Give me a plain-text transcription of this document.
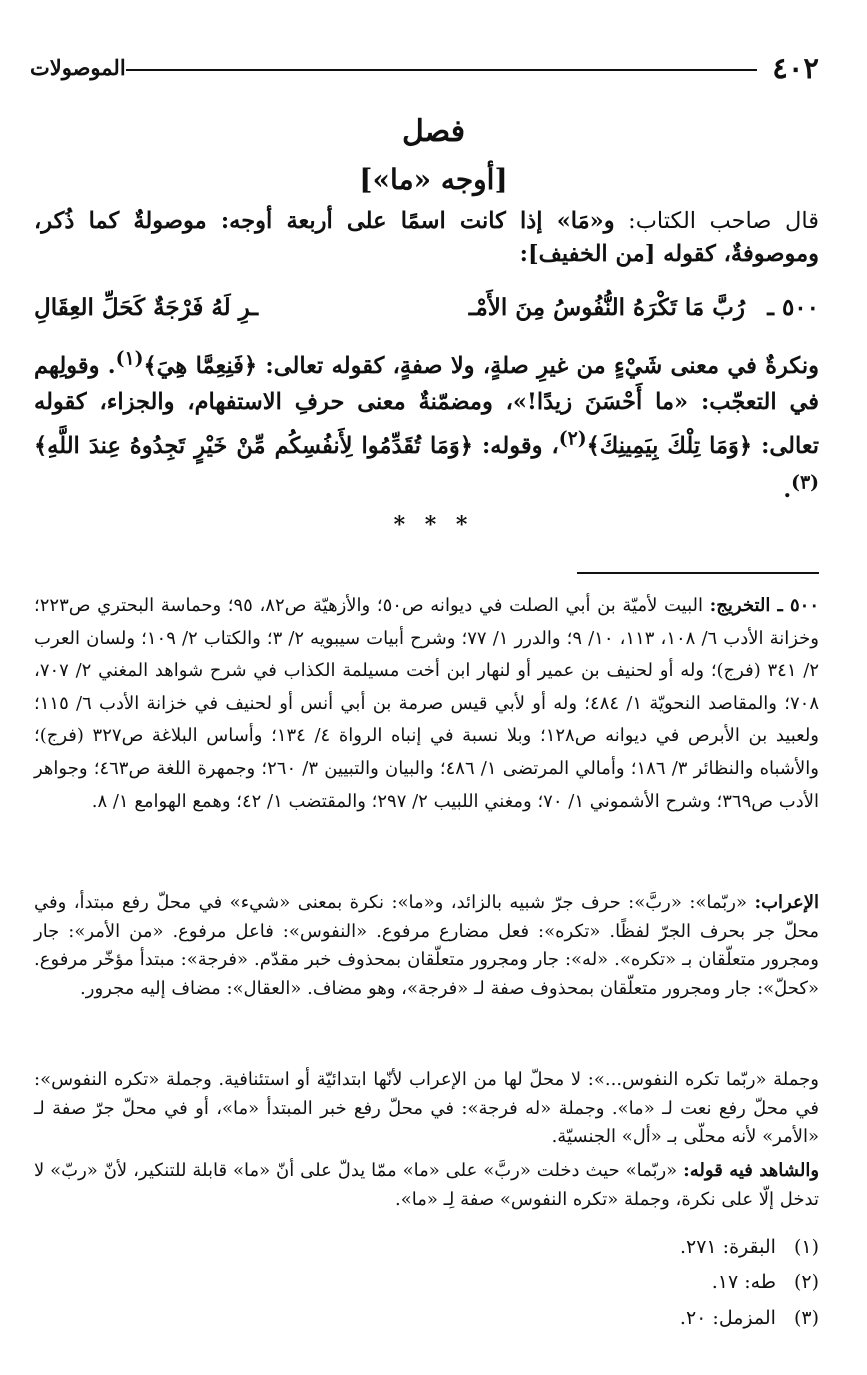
٤٠٢
الموصولات
فصل
[أوجه «ما»]
قال صاحب الكتاب: و«مَا» إذا كانت اسمًا على أربعة أوجه: موصولةٌ كما ذُكر، وموصوفةٌ، كقوله [من الخفيف]:
٥٠٠ ـ
رُبَّ مَا تَكْرَهُ النُّفُوسُ مِنَ الأَمْـ
ـرِ لَهُ فَرْجَةٌ كَحَلِّ العِقَالِ
ونكرةٌ في معنى شَيْءٍ من غيرِ صلةٍ، ولا صفةٍ، كقوله تعالى: ﴿فَنِعِمَّا هِيَ﴾$^{(١)}$. وقولِهم في التعجّب: «ما أَحْسَنَ زيدًا!»، ومضمّنةٌ معنى حرفِ الاستفهام، والجزاء، كقوله تعالى: ﴿وَمَا تِلْكَ بِيَمِينِكَ﴾$^{(٢)}$، وقوله: ﴿وَمَا تُقَدِّمُوا لِأَنفُسِكُم مِّنْ خَيْرٍ تَجِدُوهُ عِندَ اللَّهِ﴾$^{(٣)}$.
* * *
٥٠٠ ـ التخريج: البيت لأميّة بن أبي الصلت في ديوانه ص٥٠؛ والأزهيّة ص٨٢، ٩٥؛ وحماسة البحتري ص٢٢٣؛ وخزانة الأدب ٦/ ١٠٨، ١١٣، ١٠/ ٩؛ والدرر ١/ ٧٧؛ وشرح أبيات سيبويه ٢/ ٣؛ والكتاب ٢/ ١٠٩؛ ولسان العرب ٢/ ٣٤١ (فرج)؛ وله أو لحنيف بن عمير أو لنهار ابن أخت مسيلمة الكذاب في شرح شواهد المغني ٢/ ٧٠٧، ٧٠٨؛ والمقاصد النحويّة ١/ ٤٨٤؛ وله أو لأبي قيس صرمة بن أبي أنس أو لحنيف في خزانة الأدب ٦/ ١١٥؛ ولعبيد بن الأبرص في ديوانه ص١٢٨؛ وبلا نسبة في إنباه الرواة ٤/ ١٣٤؛ وأساس البلاغة ص٣٢٧ (فرج)؛ والأشباه والنظائر ٣/ ١٨٦؛ وأمالي المرتضى ١/ ٤٨٦؛ والبيان والتبيين ٣/ ٢٦٠؛ وجمهرة اللغة ص٤٦٣؛ وجواهر الأدب ص٣٦٩؛ وشرح الأشموني ١/ ٧٠؛ ومغني اللبيب ٢/ ٢٩٧؛ والمقتضب ١/ ٤٢؛ وهمع الهوامع ١/ ٨.
الإعراب: «ربّما»: «ربَّ»: حرف جرّ شبيه بالزائد، و«ما»: نكرة بمعنى «شيء» في محلّ رفع مبتدأ، وفي محلّ جر بحرف الجرّ لفظًا. «تكره»: فعل مضارع مرفوع. «النفوس»: فاعل مرفوع. «من الأمر»: جار ومجرور متعلّقان بـ «تكره». «له»: جار ومجرور متعلّقان بمحذوف خبر مقدّم. «فرجة»: مبتدأ مؤخّر مرفوع. «كحلّ»: جار ومجرور متعلّقان بمحذوف صفة لـ «فرجة»، وهو مضاف. «العقال»: مضاف إليه مجرور.
وجملة «ربّما تكره النفوس...»: لا محلّ لها من الإعراب لأنّها ابتدائيّة أو استئنافية. وجملة «تكره النفوس»: في محلّ رفع نعت لـ «ما». وجملة «له فرجة»: في محلّ رفع خبر المبتدأ «ما»، أو في محلّ جرّ صفة لـ «الأمر» لأنه محلّى بـ «أل» الجنسيّة.
والشاهد فيه قوله: «ربّما» حيث دخلت «ربَّ» على «ما» ممّا يدلّ على أنّ «ما» قابلة للتنكير، لأنّ «ربّ» لا تدخل إلّا على نكرة، وجملة «تكره النفوس» صفة لِـ «ما».
(١)البقرة: ٢٧١.
(٢)طه: ١٧.
(٣)المزمل: ٢٠.
